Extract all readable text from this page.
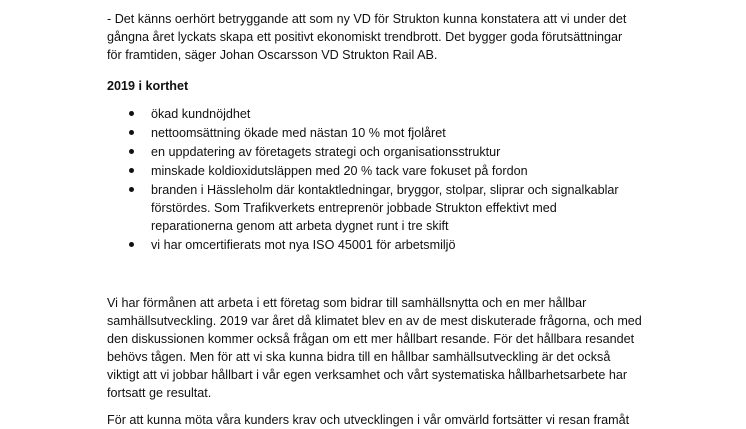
- Det känns oerhört betryggande att som ny VD för Strukton kunna konstatera att vi under det
gångna året lyckats skapa ett positivt ekonomiskt trendbrott. Det bygger goda förutsättningar
för framtiden, säger Johan Oscarsson VD Strukton Rail AB.
2019 i korthet
ökad kundnöjdhet
nettoomsättning ökade med nästan 10 % mot fjolåret
en uppdatering av företagets strategi och organisationsstruktur
minskade koldioxidutsläppen med 20 % tack vare fokuset på fordon
branden i Hässleholm där kontaktledningar, bryggor, stolpar, sliprar och signalkablar
förstördes. Som Trafikverkets entreprenör jobbade Strukton effektivt med
reparationerna genom att arbeta dygnet runt i tre skift
vi har omcertifierats mot nya ISO 45001 för arbetsmiljö
Vi har förmånen att arbeta i ett företag som bidrar till samhällsnytta och en mer hållbar
samhällsutveckling. 2019 var året då klimatet blev en av de mest diskuterade frågorna, och med
den diskussionen kommer också frågan om ett mer hållbart resande. För det hållbara resandet
behövs tågen. Men för att vi ska kunna bidra till en hållbar samhällsutveckling är det också
viktigt att vi jobbar hållbart i vår egen verksamhet och vårt systematiska hållbarhetsarbete har
fortsatt ge resultat.
För att kunna möta våra kunders krav och utvecklingen i vår omvärld fortsätter vi resan framåt
